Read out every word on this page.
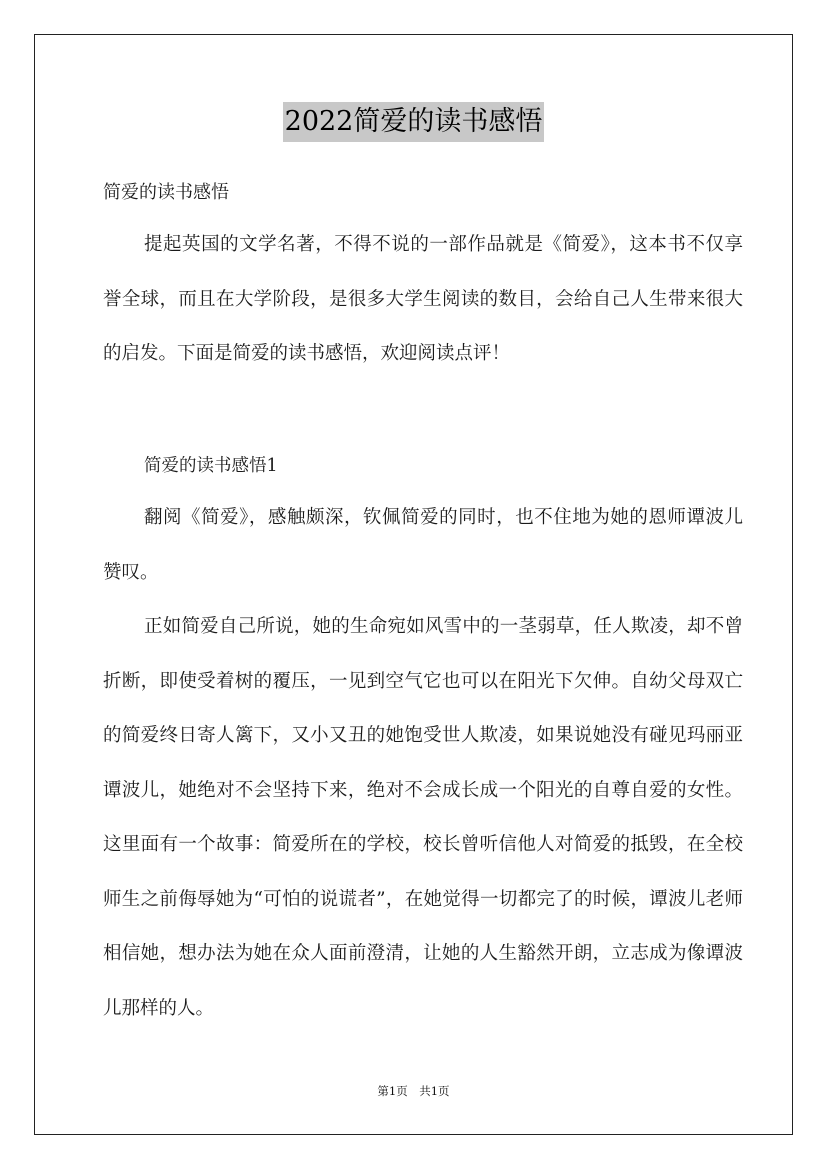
2022简爱的读书感悟
简爱的读书感悟

提起英国的文学名著，不得不说的一部作品就是《简爱》，这本书不仅享誉全球，而且在大学阶段，是很多大学生阅读的数目，会给自己人生带来很大的启发。下面是简爱的读书感悟，欢迎阅读点评！

简爱的读书感悟1

翻阅《简爱》，感触颇深，钦佩简爱的同时，也不住地为她的恩师谭波儿赞叹。

正如简爱自己所说，她的生命宛如风雪中的一茎弱草，任人欺凌，却不曾折断，即使受着树的覆压，一见到空气它也可以在阳光下欠伸。自幼父母双亡的简爱终日寄人篱下，又小又丑的她饱受世人欺凌，如果说她没有碰见玛丽亚谭波儿，她绝对不会坚持下来，绝对不会成长成一个阳光的自尊自爱的女性。这里面有一个故事：简爱所在的学校，校长曾听信他人对简爱的抵毁，在全校师生之前侮辱她为“可怕的说谎者”，在她觉得一切都完了的时候，谭波儿老师相信她，想办法为她在众人面前澄清，让她的人生豁然开朗，立志成为像谭波儿那样的人。

第1页　共1页
